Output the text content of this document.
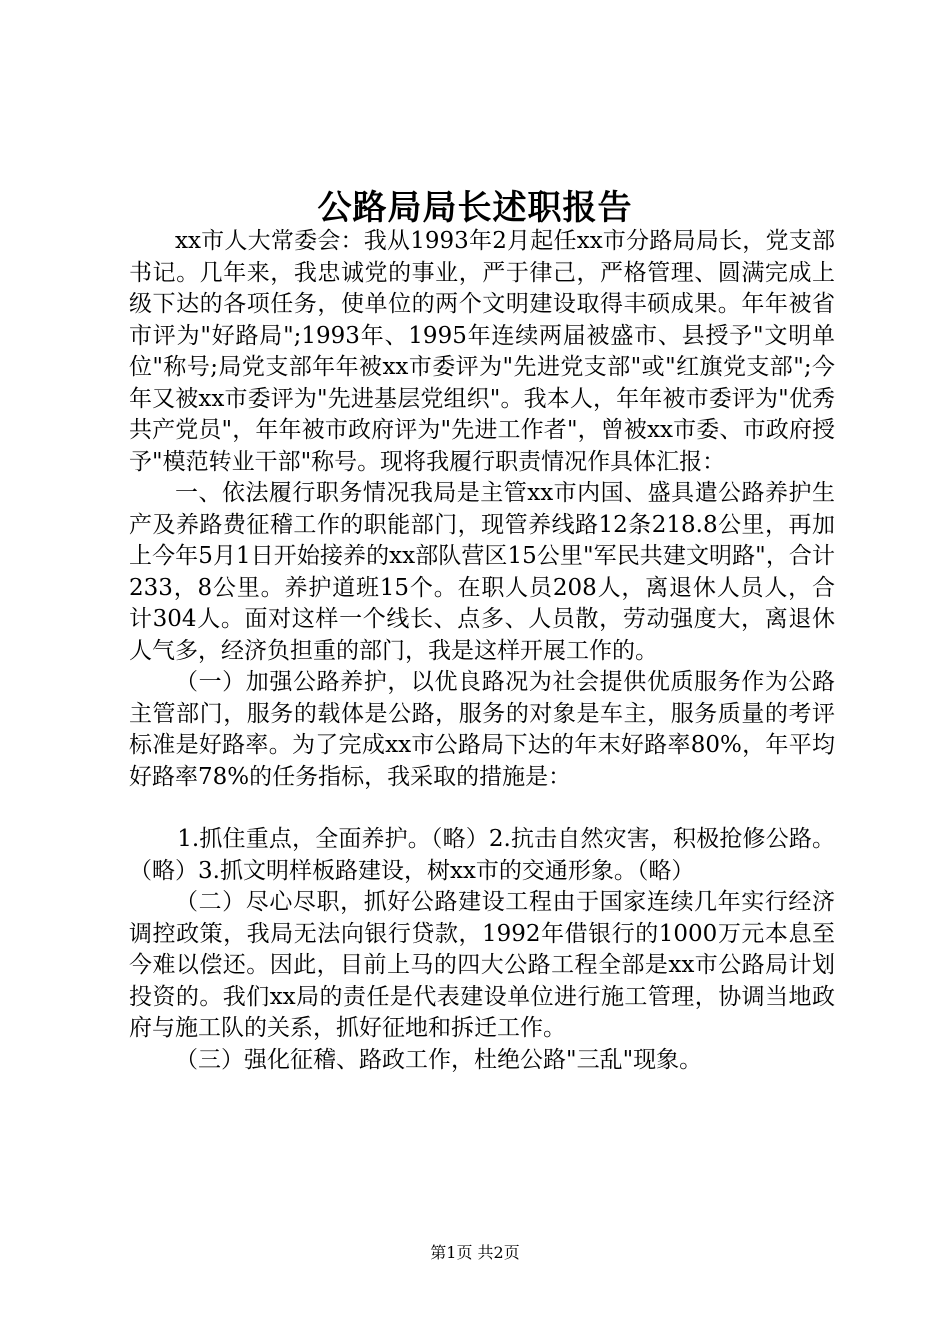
公路局局长述职报告

xx市人大常委会：我从1993年2月起任xx市分路局局长，党支部书记。几年来，我忠诚党的事业，严于律己，严格管理、圆满完成上级下达的各项任务，使单位的两个文明建设取得丰硕成果。年年被省市评为"好路局";1993年、1995年连续两届被盛市、县授予"文明单位"称号;局党支部年年被xx市委评为"先进党支部"或"红旗党支部";今年又被xx市委评为"先进基层党组织"。我本人，年年被市委评为"优秀共产党员"，年年被市政府评为"先进工作者"，曾被xx市委、市政府授予"模范转业干部"称号。现将我履行职责情况作具体汇报：

一、依法履行职务情况我局是主管xx市内国、盛具遣公路养护生产及养路费征稽工作的职能部门，现管养线路12条218.8公里，再加上今年5月1日开始接养的xx部队营区15公里"军民共建文明路"，合计233，8公里。养护道班15个。在职人员208人，离退休人员人，合计304人。面对这样一个线长、点多、人员散，劳动强度大，离退休人气多，经济负担重的部门，我是这样开展工作的。

（一）加强公路养护，以优良路况为社会提供优质服务作为公路主管部门，服务的载体是公路，服务的对象是车主，服务质量的考评标准是好路率。为了完成xx市公路局下达的年末好路率80%，年平均好路率78%的任务指标，我采取的措施是：

1.抓住重点，全面养护。（略）2.抗击自然灾害，积极抢修公路。（略）3.抓文明样板路建设，树xx市的交通形象。（略）

（二）尽心尽职，抓好公路建设工程由于国家连续几年实行经济调控政策，我局无法向银行贷款，1992年借银行的1000万元本息至今难以偿还。因此，目前上马的四大公路工程全部是xx市公路局计划投资的。我们xx局的责任是代表建设单位进行施工管理，协调当地政府与施工队的关系，抓好征地和拆迁工作。

（三）强化征稽、路政工作，杜绝公路"三乱"现象。

第1页 共2页
